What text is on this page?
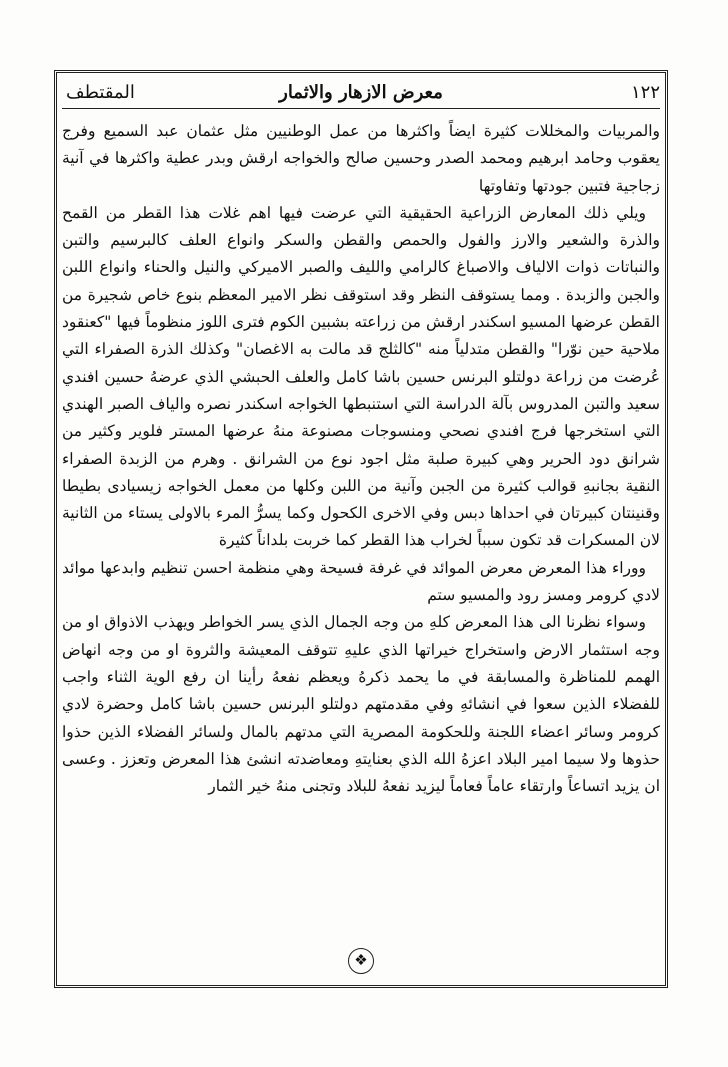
١٢٢
معرض الازهار والاثمار
المقتطف

والمربيات والمخللات كثيرة ايضاً واكثرها من عمل الوطنيين مثل عثمان عبد السميع وفرج يعقوب وحامد ابرهيم ومحمد الصدر وحسين صالح والخواجه ارقش وبدر عطية واكثرها في آنية زجاجية فتبين جودتها وتفاوتها

ويلي ذلك المعارض الزراعية الحقيقية التي عرضت فيها اهم غلات هذا القطر من القمح والذرة والشعير والارز والفول والحمص والقطن والسكر وانواع العلف كالبرسيم والتبن والنباتات ذوات الالياف والاصباغ كالرامي والليف والصبر الاميركي والنيل والحناء وانواع اللبن والجبن والزبدة . ومما يستوقف النظر وقد استوقف نظر الامير المعظم بنوع خاص شجيرة من القطن عرضها المسيو اسكندر ارقش من زراعته بشبين الكوم فترى اللوز منظوماً فيها "كعنقود ملاحية حين نوّرا" والقطن متدلياً منه "كالثلج قد مالت به الاغصان" وكذلك الذرة الصفراء التي عُرضت من زراعة دولتلو البرنس حسين باشا كامل والعلف الحبشي الذي عرضهُ حسين افندي سعيد والتبن المدروس بآلة الدراسة التي استنبطها الخواجه اسكندر نصره والياف الصبر الهندي التي استخرجها فرج افندي نصحي ومنسوجات مصنوعة منهُ عرضها المستر فلوير وكثير من شرانق دود الحرير وهي كبيرة صلبة مثل اجود نوع من الشرانق . وهرم من الزبدة الصفراء النقية بجانبهِ قوالب كثيرة من الجبن وآنية من اللبن وكلها من معمل الخواجه زيسيادى بطيطا وقنينتان كبيرتان في احداها دبس وفي الاخرى الكحول وكما يسرُّ المرء بالاولى يستاء من الثانية لان المسكرات قد تكون سبباً لخراب هذا القطر كما خربت بلداناً كثيرة

ووراء هذا المعرض معرض الموائد في غرفة فسيحة وهي منظمة احسن تنظيم وابدعها موائد لادي كرومر ومسز رود والمسيو ستم

وسواء نظرنا الى هذا المعرض كلهِ من وجه الجمال الذي يسر الخواطر ويهذب الاذواق او من وجه استثمار الارض واستخراج خيراتها الذي عليهِ تتوقف المعيشة والثروة او من وجه انهاض الهمم للمناظرة والمسابقة في ما يحمد ذكرهُ ويعظم نفعهُ رأينا ان رفع الوية الثناء واجب للفضلاء الذين سعوا في انشائهِ وفي مقدمتهم دولتلو البرنس حسين باشا كامل وحضرة لادي كرومر وسائر اعضاء اللجنة وللحكومة المصرية التي مدتهم بالمال ولسائر الفضلاء الذين حذوا حذوها ولا سيما امير البلاد اعزهُ الله الذي بعنايتهِ ومعاضدته انشئ هذا المعرض وتعزز . وعسى ان يزيد اتساعاً وارتقاء عاماً فعاماً ليزيد نفعهُ للبلاد وتجنى منهُ خير الثمار

❖
